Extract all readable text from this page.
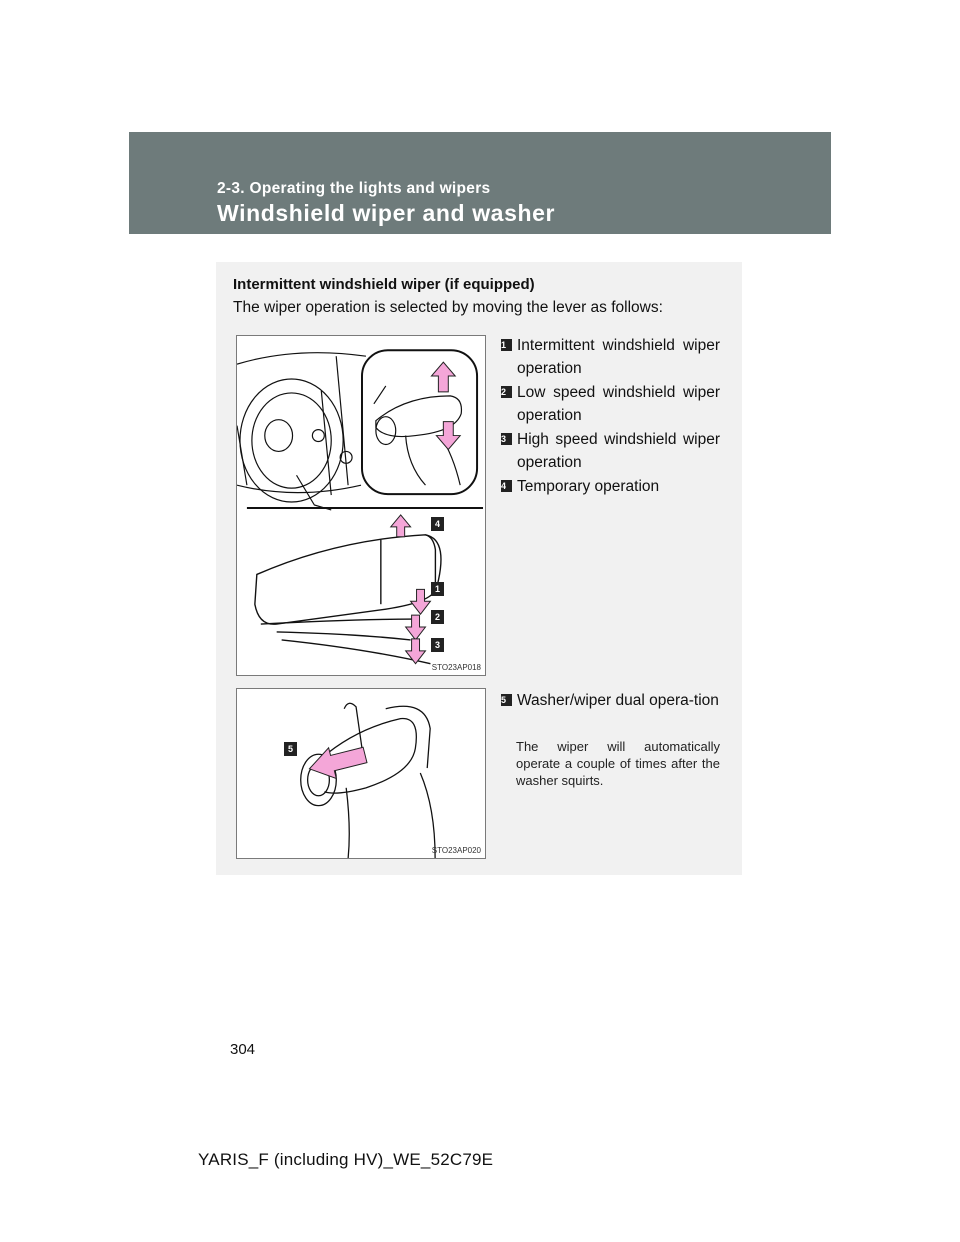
2-3. Operating the lights and wipers
Windshield wiper and washer
Intermittent windshield wiper (if equipped)
The wiper operation is selected by moving the lever as follows:
STO23AP018
4
1
2
3
1 Intermittent windshield wiper operation
2 Low speed windshield wiper operation
3 High speed windshield wiper operation
4 Temporary operation
STO23AP020
5
5 Washer/wiper dual opera-tion
The wiper will automatically operate a couple of times after the washer squirts.
304
YARIS_F (including HV)_WE_52C79E
